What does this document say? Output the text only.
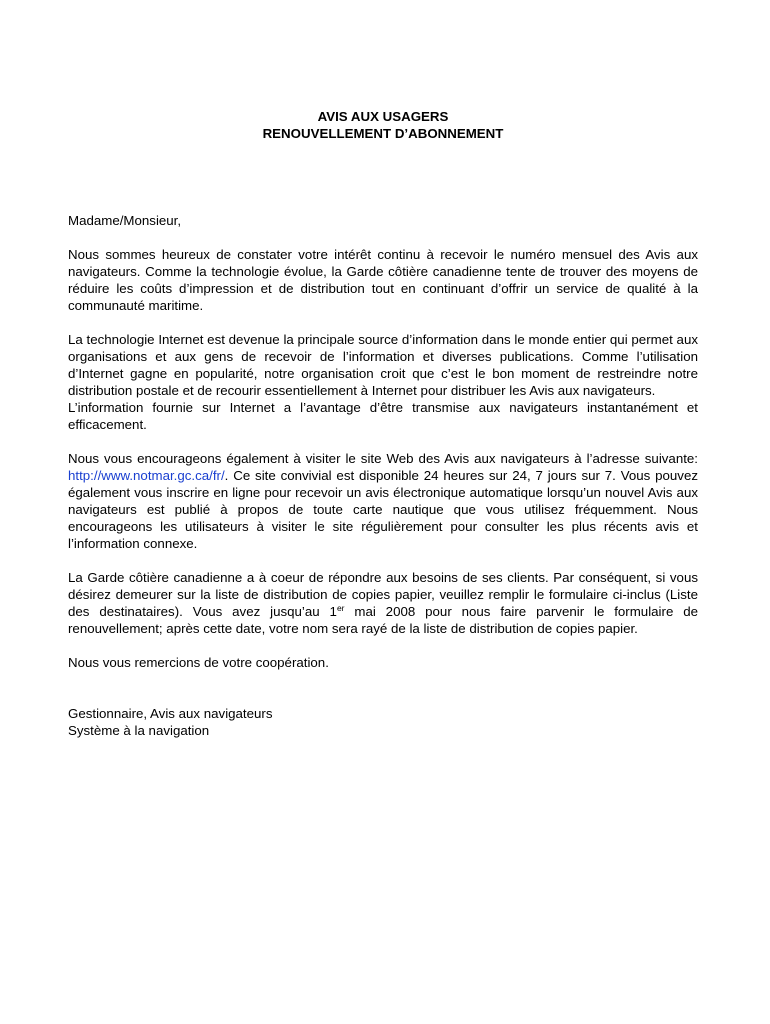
AVIS AUX USAGERS
RENOUVELLEMENT D’ABONNEMENT

Madame/Monsieur,

Nous sommes heureux de constater votre intérêt continu à recevoir le numéro mensuel des Avis aux navigateurs. Comme la technologie évolue, la Garde côtière canadienne tente de trouver des moyens de réduire les coûts d’impression et de distribution tout en continuant d’offrir un service de qualité à la communauté maritime.

La technologie Internet est devenue la principale source d’information dans le monde entier qui permet aux organisations et aux gens de recevoir de l’information et diverses publications. Comme l’utilisation d’Internet gagne en popularité, notre organisation croit que c’est le bon moment de restreindre notre distribution postale et de recourir essentiellement à Internet pour distribuer les Avis aux navigateurs.

L’information fournie sur Internet a l’avantage d’être transmise aux navigateurs instantanément et efficacement.

Nous vous encourageons également à visiter le site Web des Avis aux navigateurs à l’adresse suivante: http://www.notmar.gc.ca/fr/. Ce site convivial est disponible 24 heures sur 24, 7 jours sur 7. Vous pouvez également vous inscrire en ligne pour recevoir un avis électronique automatique lorsqu’un nouvel Avis aux navigateurs est publié à propos de toute carte nautique que vous utilisez fréquemment. Nous encourageons les utilisateurs à visiter le site régulièrement pour consulter les plus récents avis et l’information connexe.

La Garde côtière canadienne a à coeur de répondre aux besoins de ses clients. Par conséquent, si vous désirez demeurer sur la liste de distribution de copies papier, veuillez remplir le formulaire ci-inclus (Liste des destinataires). Vous avez jusqu’au 1er mai 2008 pour nous faire parvenir le formulaire de renouvellement; après cette date, votre nom sera rayé de la liste de distribution de copies papier.

Nous vous remercions de votre coopération.

Gestionnaire, Avis aux navigateurs
Système à la navigation
